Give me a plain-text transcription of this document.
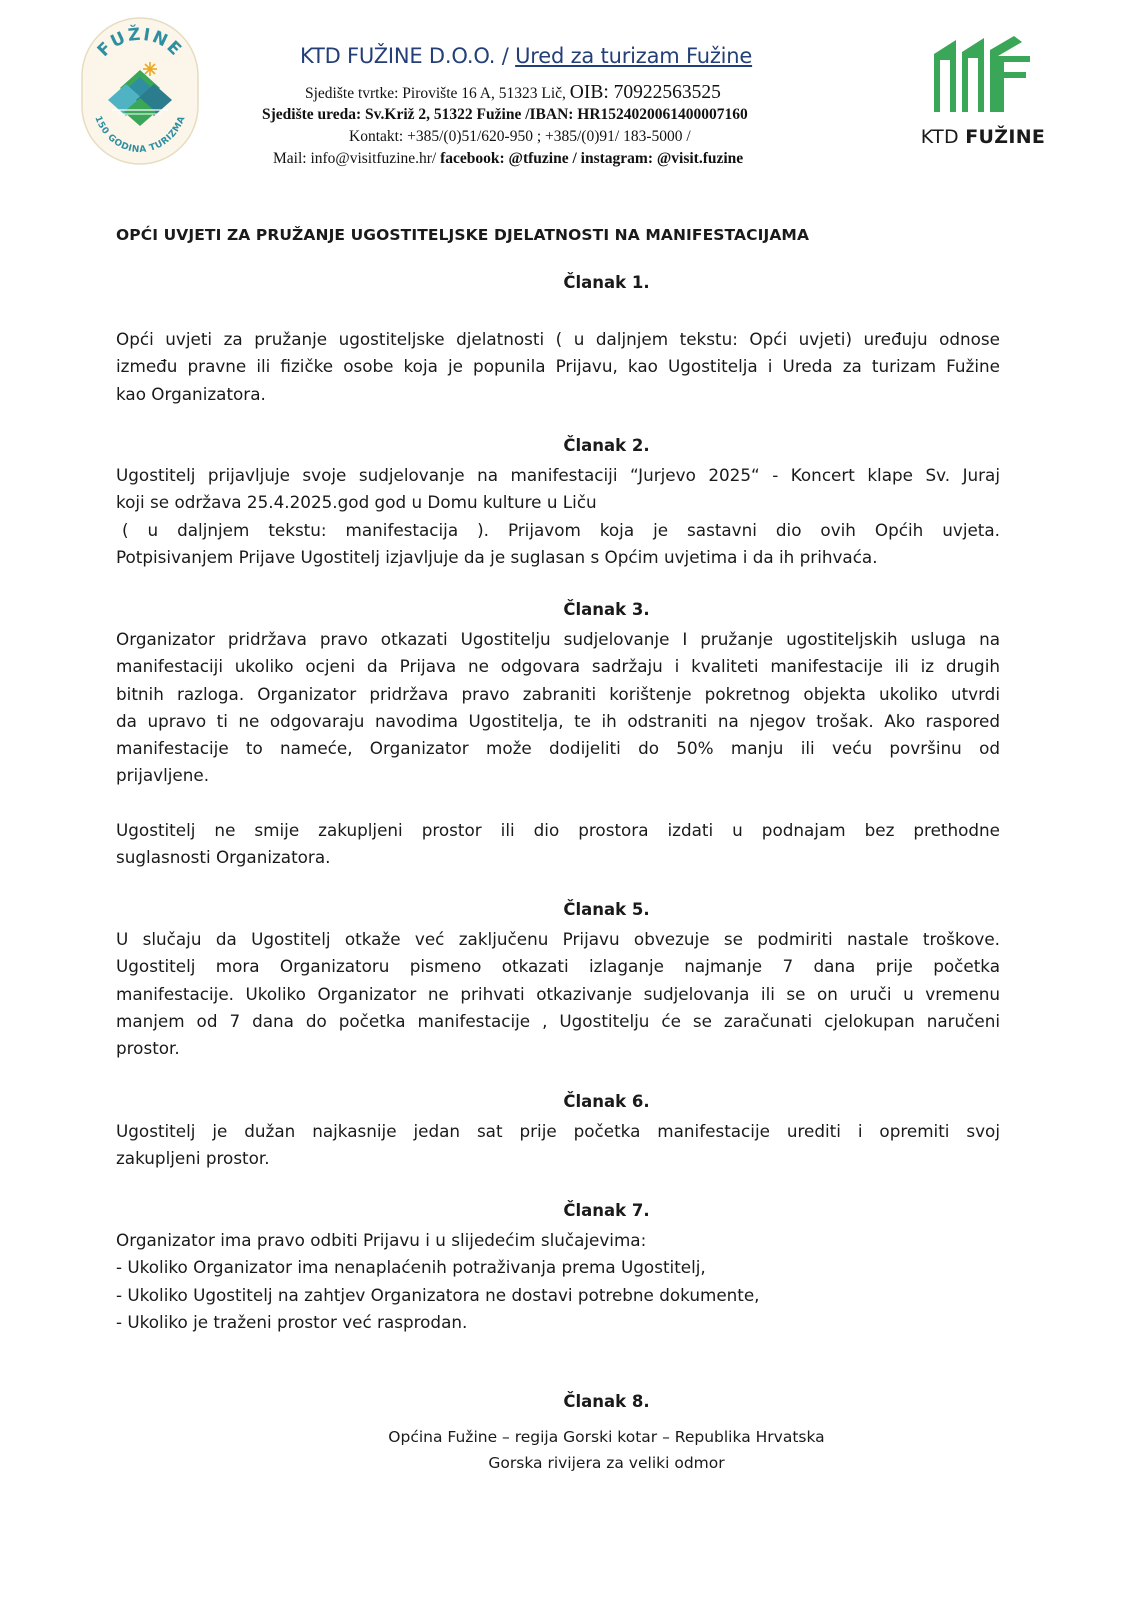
FUŽINE
150 GODINA TURIZMA
KTD FUŽINE D.O.O. / Ured za turizam Fužine
Sjedište tvrtke: Pirovište 16 A, 51323 Lič, OIB: 70922563525
Sjedište ureda: Sv.Križ 2, 51322 Fužine /IBAN: HR1524020061400007160
Kontakt: +385/(0)51/620-950 ; +385/(0)91/ 183-5000 /
Mail: info@visitfuzine.hr/ facebook: @tfuzine / instagram: @visit.fuzine
KTD FUŽINE
OPĆI UVJETI ZA PRUŽANJE UGOSTITELJSKE DJELATNOSTI NA MANIFESTACIJAMA
Članak 1.
Opći uvjeti za pružanje ugostiteljske djelatnosti ( u daljnjem tekstu: Opći uvjeti) uređuju odnose
između pravne ili fizičke osobe koja je popunila Prijavu, kao Ugostitelja i Ureda za turizam Fužine
kao Organizatora.
Članak 2.
Ugostitelj prijavljuje svoje sudjelovanje na manifestaciji “Jurjevo 2025“ - Koncert klape Sv. Juraj
koji se održava 25.4.2025.god god u Domu kulture u Liču
( u daljnjem tekstu: manifestacija ). Prijavom koja je sastavni dio ovih Općih uvjeta.
Potpisivanjem Prijave Ugostitelj izjavljuje da je suglasan s Općim uvjetima i da ih prihvaća.
Članak 3.
Organizator pridržava pravo otkazati Ugostitelju sudjelovanje I pružanje ugostiteljskih usluga na
manifestaciji ukoliko ocjeni da Prijava ne odgovara sadržaju i kvaliteti manifestacije ili iz drugih
bitnih razloga. Organizator pridržava pravo zabraniti korištenje pokretnog objekta ukoliko utvrdi
da upravo ti ne odgovaraju navodima Ugostitelja, te ih odstraniti na njegov trošak. Ako raspored
manifestacije to nameće, Organizator može dodijeliti do 50% manju ili veću površinu od
prijavljene.
Ugostitelj ne smije zakupljeni prostor ili dio prostora izdati u podnajam bez prethodne
suglasnosti Organizatora.
Članak 5.
U slučaju da Ugostitelj otkaže već zaključenu Prijavu obvezuje se podmiriti nastale troškove.
Ugostitelj mora Organizatoru pismeno otkazati izlaganje najmanje 7 dana prije početka
manifestacije. Ukoliko Organizator ne prihvati otkazivanje sudjelovanja ili se on uruči u vremenu
manjem od 7 dana do početka manifestacije , Ugostitelju će se zaračunati cjelokupan naručeni
prostor.
Članak 6.
Ugostitelj je dužan najkasnije jedan sat prije početka manifestacije urediti i opremiti svoj
zakupljeni prostor.
Članak 7.
Organizator ima pravo odbiti Prijavu i u slijedećim slučajevima:
- Ukoliko Organizator ima nenaplaćenih potraživanja prema Ugostitelj,
- Ukoliko Ugostitelj na zahtjev Organizatora ne dostavi potrebne dokumente,
- Ukoliko je traženi prostor već rasprodan.
Članak 8.
Općina Fužine – regija Gorski kotar – Republika Hrvatska
Gorska rivijera za veliki odmor
